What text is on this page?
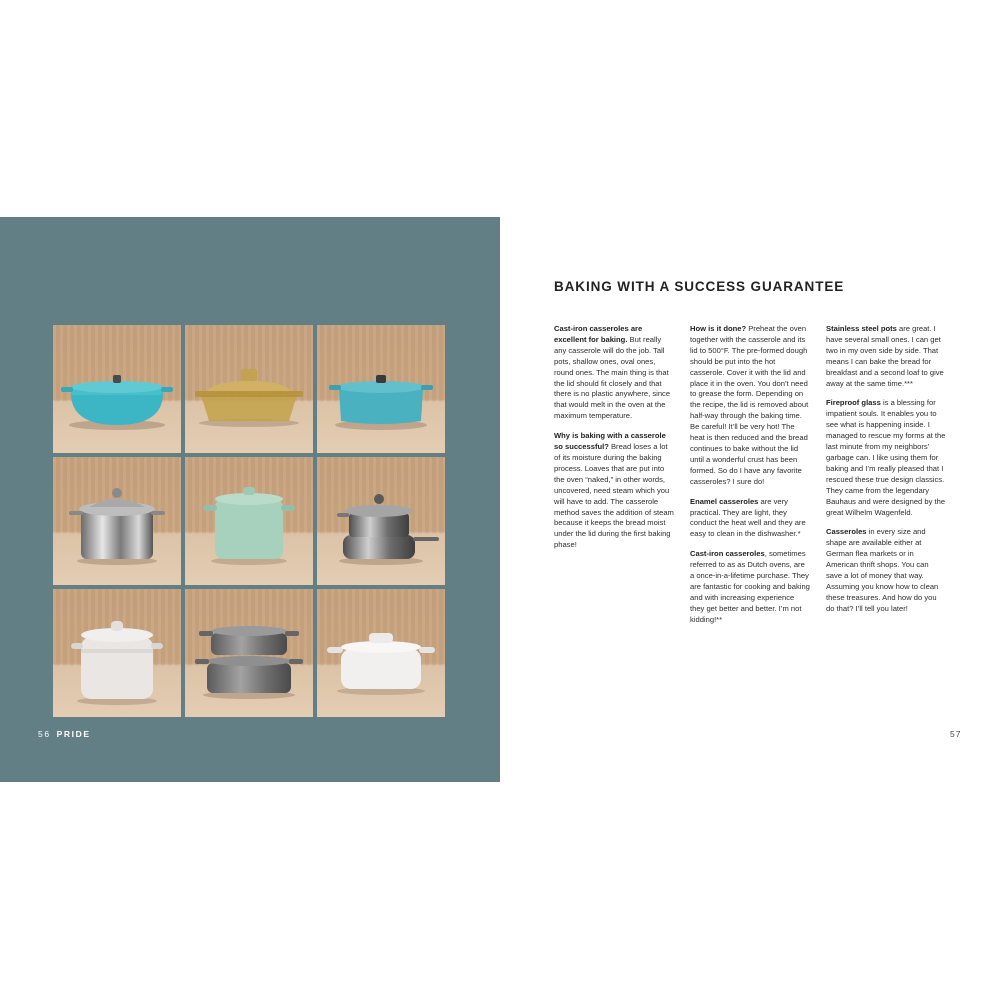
56 PRIDE
BAKING WITH A SUCCESS GUARANTEE

Cast-iron casseroles are excellent for baking. But really any casserole will do the job. Tall pots, shallow ones, oval ones, round ones. The main thing is that the lid should fit closely and that there is no plastic anywhere, since that would melt in the oven at the maximum temperature.

Why is baking with a casserole so successful? Bread loses a lot of its moisture during the baking process. Loaves that are put into the oven “naked,” in other words, uncovered, need steam which you will have to add. The casserole method saves the addition of steam because it keeps the bread moist under the lid during the first baking phase!

How is it done? Preheat the oven together with the casserole and its lid to 500°F. The pre-formed dough should be put into the hot casserole. Cover it with the lid and place it in the oven. You don’t need to grease the form. Depending on the recipe, the lid is removed about half-way through the baking time. Be careful! It’ll be very hot! The heat is then reduced and the bread continues to bake without the lid until a wonderful crust has been formed. So do I have any favorite casseroles? I sure do!

Enamel casseroles are very practical. They are light, they conduct the heat well and they are easy to clean in the dishwasher.*

Cast-iron casseroles, sometimes referred to as as Dutch ovens, are a once-in-a-lifetime purchase. They are fantastic for cooking and baking and with increasing experience they get better and better. I’m not kidding!**

Stainless steel pots are great. I have several small ones. I can get two in my oven side by side. That means I can bake the bread for breakfast and a second loaf to give away at the same time.***

Fireproof glass is a blessing for impatient souls. It enables you to see what is happening inside. I managed to rescue my forms at the last minute from my neighbors’ garbage can. I like using them for baking and I’m really pleased that I rescued these true design classics. They came from the legendary Bauhaus and were designed by the great Wilhelm Wagenfeld.

Casseroles in every size and shape are available either at German flea markets or in American thrift shops. You can save a lot of money that way. Assuming you know how to clean these treasures. And how do you do that? I’ll tell you later!

57
